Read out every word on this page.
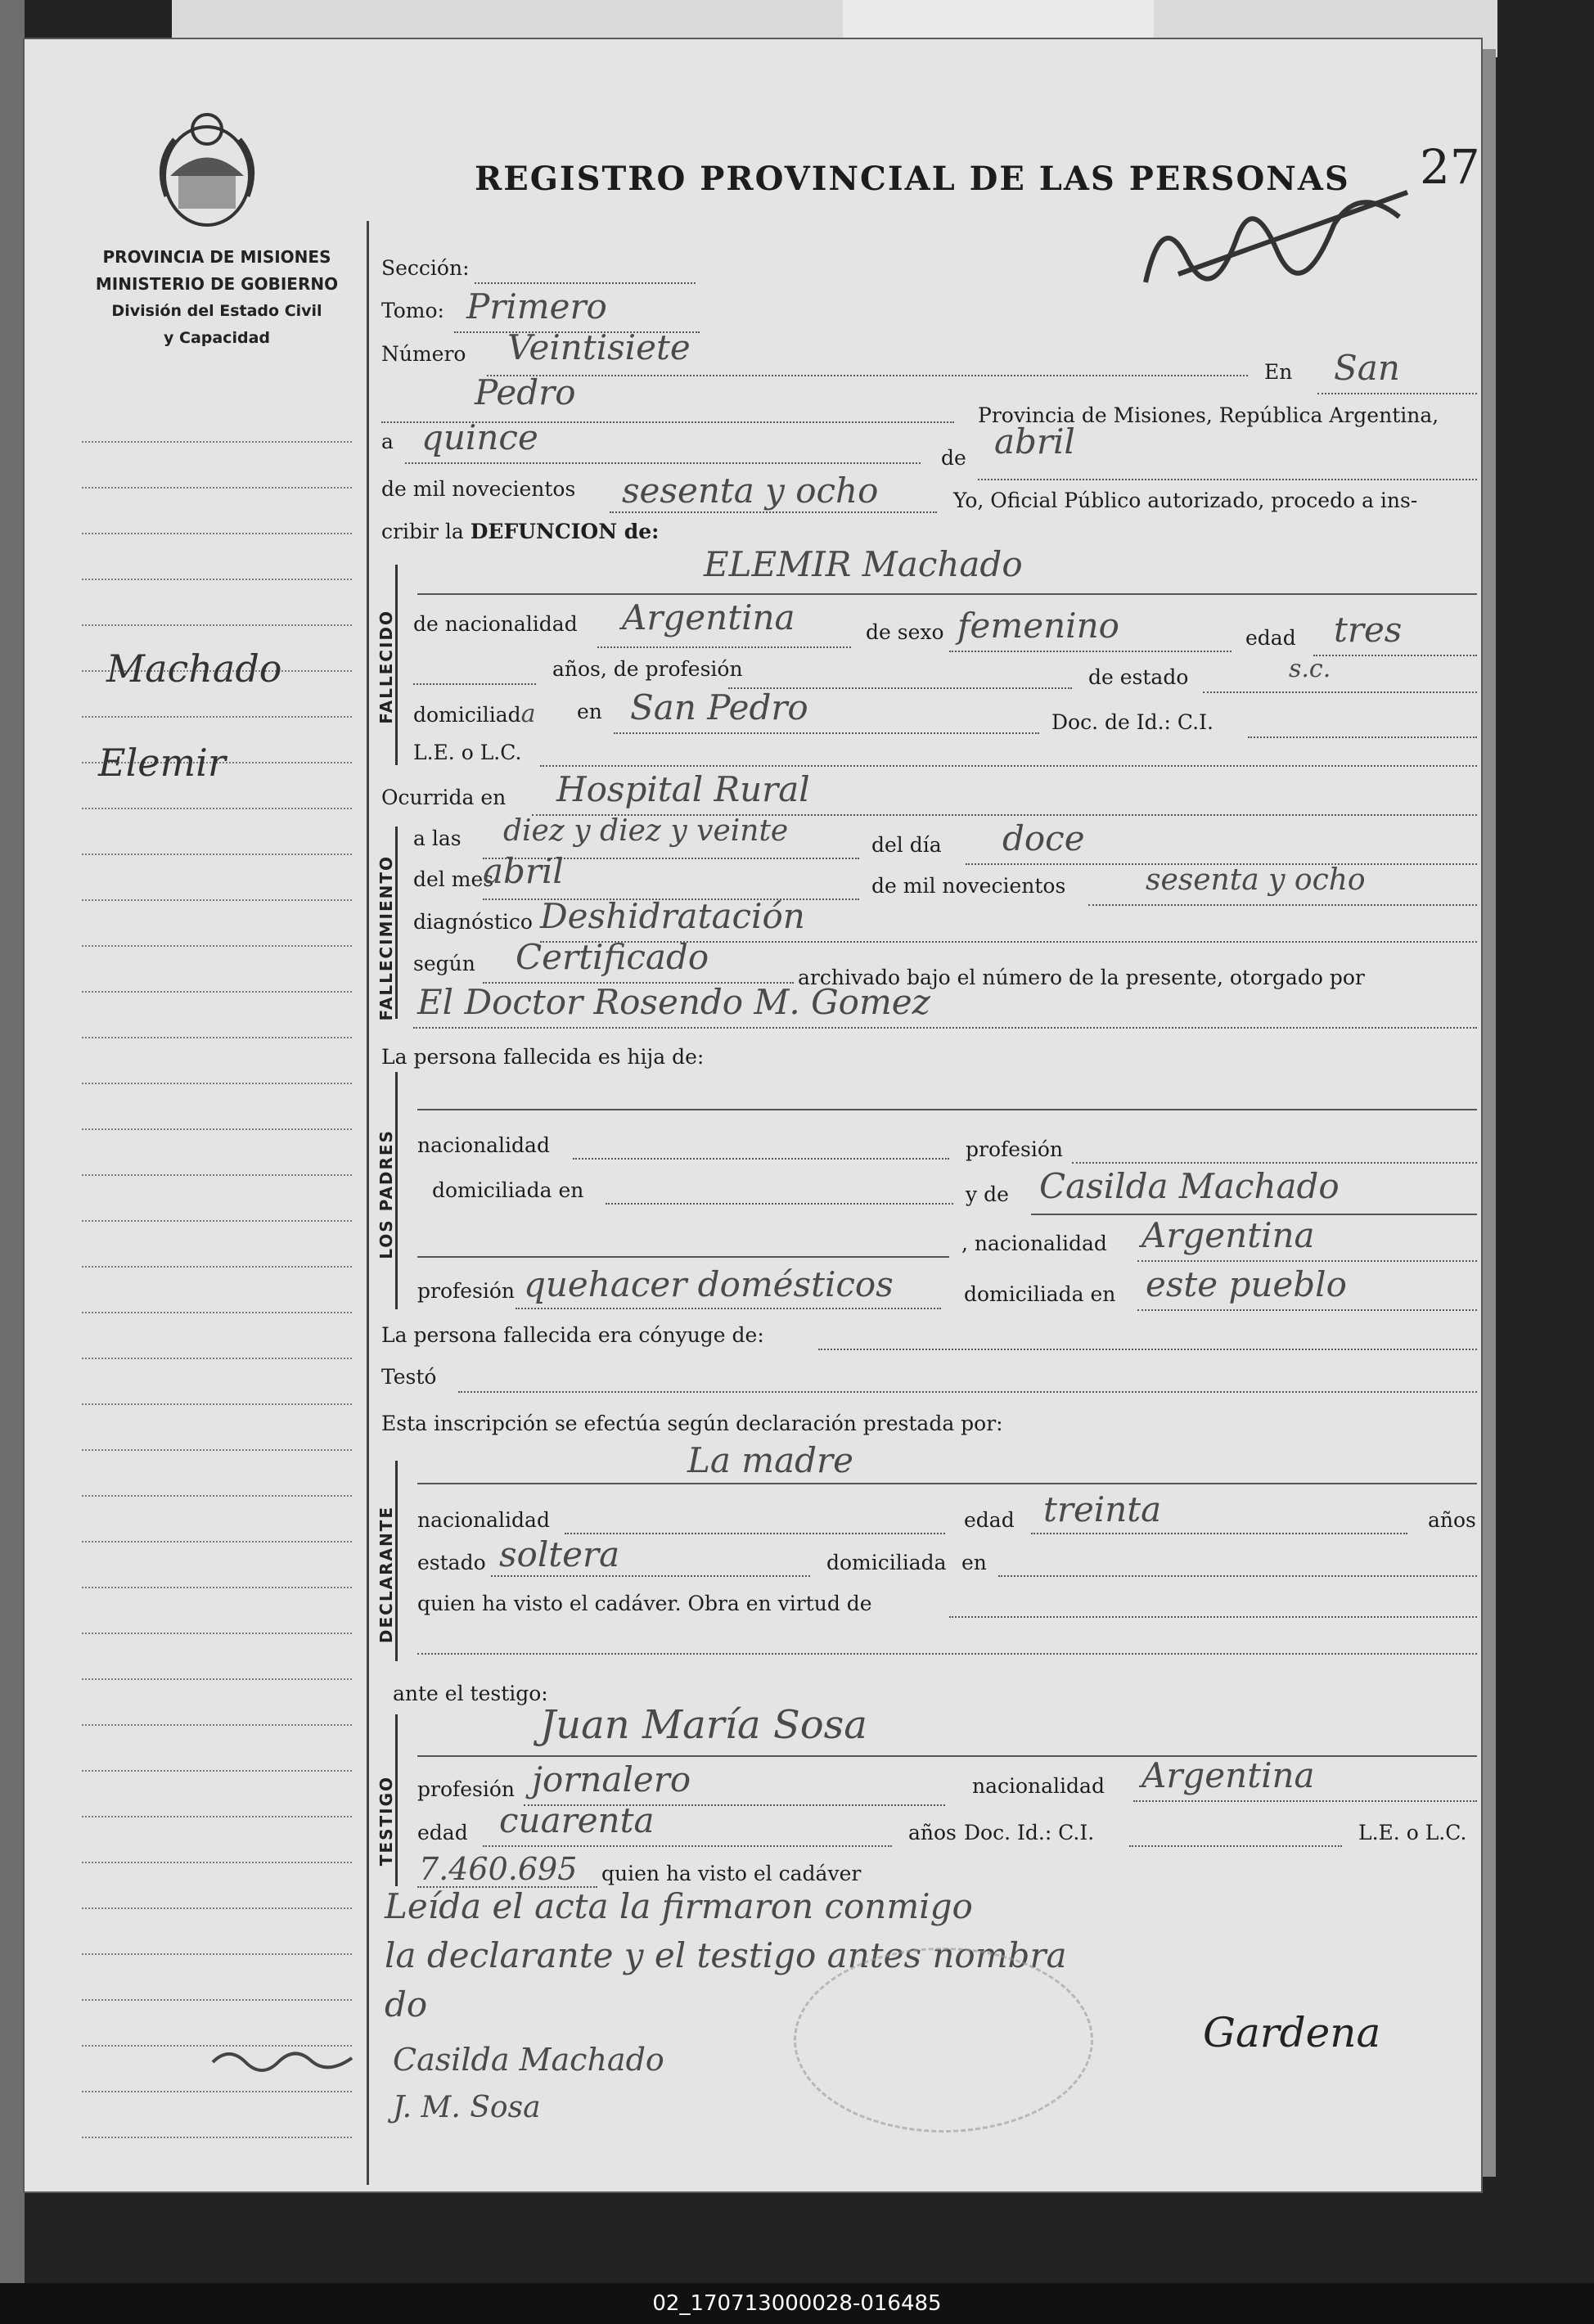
PROVINCIA DE MISIONES
MINISTERIO DE GOBIERNO
División del Estado Civil
y Capacidad
REGISTRO PROVINCIAL DE LAS PERSONAS 27
Machado
Elemir
Sección:
Tomo: Primero
Número Veintisiete
En San
Pedro
Provincia de Misiones, República Argentina,
a quince
de abril
de mil novecientos sesenta y ocho	Yo, Oficial Público autorizado, procedo a ins-
cribir la DEFUNCION de:
FALLECIDO
ELEMIR Machado
de nacionalidad Argentina	de sexo femenino	edad tres
años, de profesión	de estado	s.c.
domiciliada en San Pedro	Doc. de Id.: C.I.
L.E. o L.C.
Ocurrida en Hospital Rural
FALLECIMIENTO
a las diez y diez y veinte	del día doce
del mes
abril	de mil novecientos	sesenta y ocho
diagnóstico Deshidratación
según Certificado
archivado bajo el número de la presente, otorgado por
El Doctor Rosendo M. Gomez
La persona fallecida es hija de:
LOS PADRES nacionalidad	profesión
domiciliada en	y de Casilda Machado
, nacionalidad Argentina
profesión quehacer domésticos	domiciliada en este pueblo
La persona fallecida era cónyuge de:
Testó
Esta inscripción se efectúa según declaración prestada por:
DECLARANTE
La madre
nacionalidad	edad treinta	años
estado soltera	domiciliada en
quien ha visto el cadáver. Obra en virtud de
ante el testigo:
TESTIGO
Juan María Sosa
profesión jornalero	nacionalidad Argentina
edad cuarenta	años Doc. Id.: C.I.	L.E. o L.C.
7.460.695 quien ha visto el cadáver
Leída el acta la firmaron conmigo
la declarante y el testigo antes nombra
do
Gardena
Casilda Machado
J. M. Sosa
02_170713000028-016485
